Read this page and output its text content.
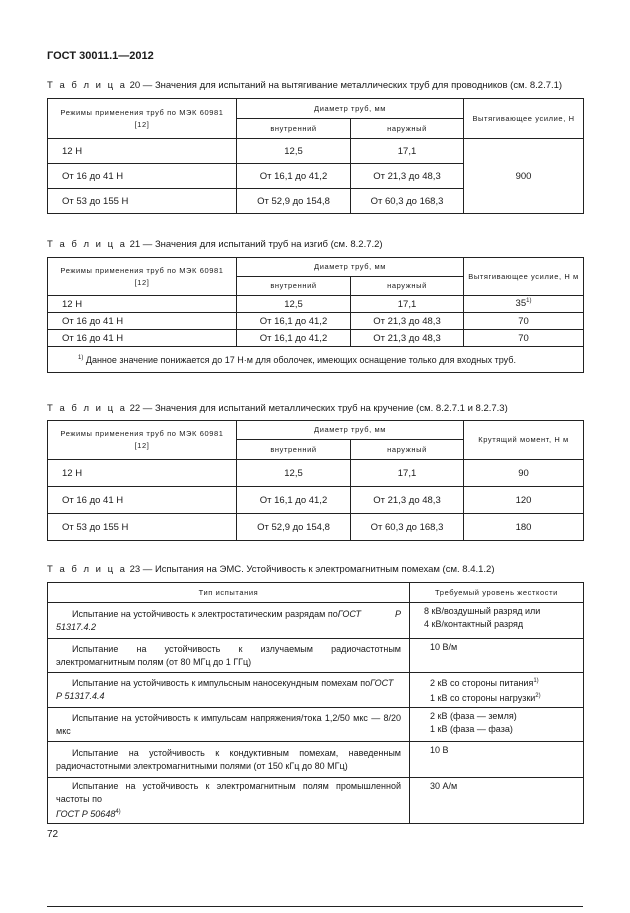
ГОСТ 30011.1—2012
Т а б л и ц а 20 — Значения для испытаний на вытягивание металлических труб для проводников (см. 8.2.7.1)
Режимы применения труб по МЭК 60981 [12]	Диаметр труб, мм		Вытягивающее усилие, Н
	внутренний	наружный	
12 Н	12,5	17,1	900
От 16 до 41 Н	От 16,1 до 41,2	От 21,3 до 48,3	
От 53 до 155 Н	От 52,9 до 154,8	От 60,3 до 168,3	
Т а б л и ц а 21 — Значения для испытаний труб на изгиб (см. 8.2.7.2)
Режимы применения труб по МЭК 60981 [12]	Диаметр труб, мм		Вытягивающее усилие, Н м
	внутренний	наружный	
12 Н	12,5	17,1	35$^{1)}$
От 16 до 41 Н	От 16,1 до 41,2	От 21,3 до 48,3	70
От 16 до 41 Н	От 16,1 до 41,2	От 21,3 до 48,3	70
$^{1)}$ Данное значение понижается до 17 Н·м для оболочек, имеющих оснащение только для входных труб.			
Т а б л и ц а 22 — Значения для испытаний металлических труб на кручение (см. 8.2.7.1 и 8.2.7.3)
Режимы применения труб по МЭК 60981 [12]	Диаметр труб, мм		Крутящий момент, Н м
	внутренний	наружный	
12 Н	12,5	17,1	90
От 16 до 41 Н	От 16,1 до 41,2	От 21,3 до 48,3	120
От 53 до 155 Н	От 52,9 до 154,8	От 60,3 до 168,3	180
Т а б л и ц а 23 — Испытания на ЭМС. Устойчивость к электромагнитным помехам (см. 8.4.1.2)
Тип испытания	Требуемый уровень жесткости
Испытание на устойчивость к электростатическим разрядам поГОСТ Р 51317.4.2	8 кВ/воздушный разряд или
4 кВ/контактный разряд
Испытание на устойчивость к излучаемым радиочастотным электромагнитным полям (от 80 МГц до 1 ГГц)	10 В/м
Испытание на устойчивость к импульсным наносекундным помехам поГОСТ Р 51317.4.4	2 кВ со стороны питания$^{1)}$
1 кВ со стороны нагрузки$^{2)}$
Испытание на устойчивость к импульсам напряжения/тока 1,2/50 мкс — 8/20 мкс	2 кВ (фаза — земля)
1 кВ (фаза — фаза)
Испытание на устойчивость к кондуктивным помехам, наведенным радиочастотными электромагнитными полями (от 150 кГц до 80 МГц)	10 В
Испытание на устойчивость к электромагнитным полям промышленной частоты поГОСТ Р 50648$^{4)}$	30 А/м
72
